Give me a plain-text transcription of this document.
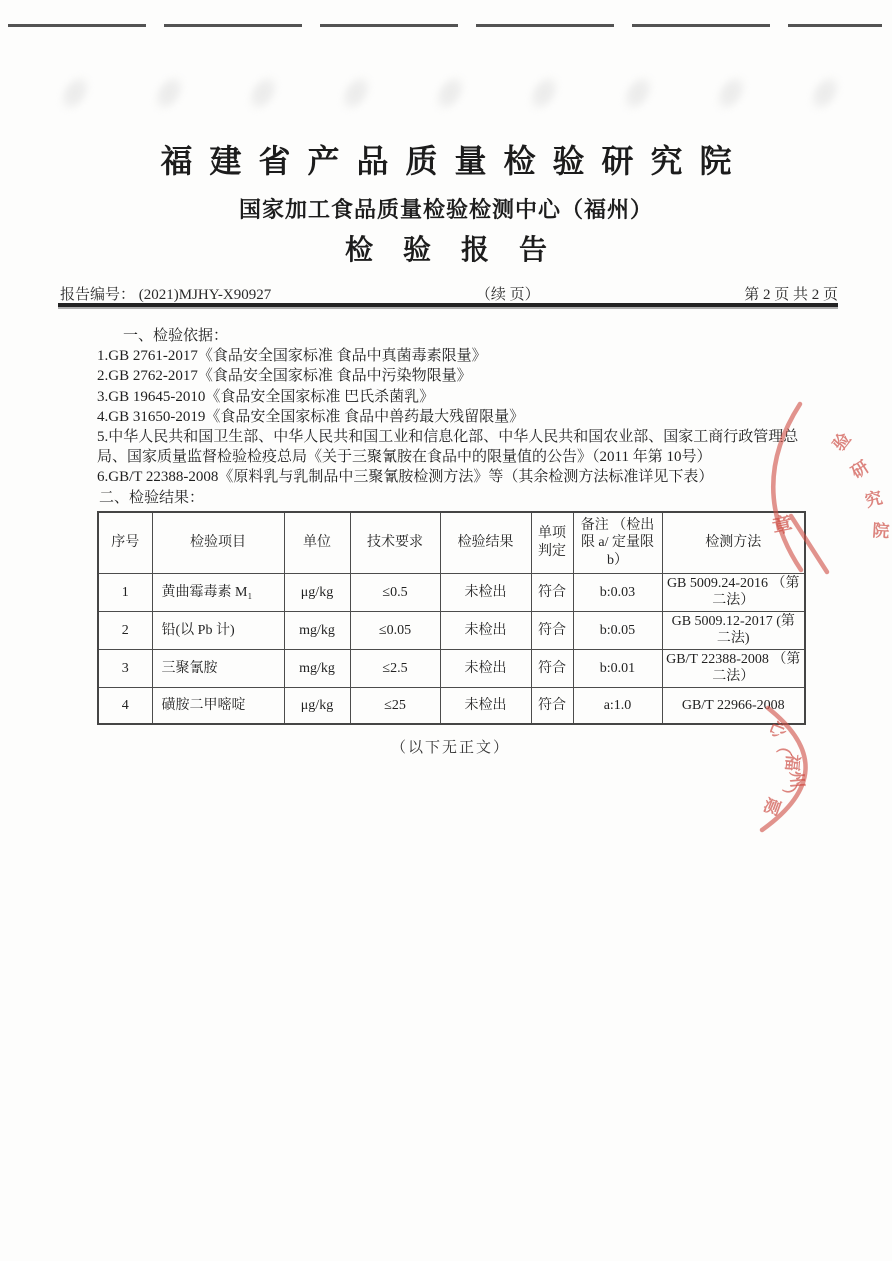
福建省产品质量检验研究院
国家加工食品质量检验检测中心（福州）
检验报告
报告编号： (2021)MJHY-X90927	（续 页）	第 2 页 共 2 页
一、检验依据：
1.GB 2761-2017《食品安全国家标准 食品中真菌毒素限量》
2.GB 2762-2017《食品安全国家标准 食品中污染物限量》
3.GB 19645-2010《食品安全国家标准 巴氏杀菌乳》
4.GB 31650-2019《食品安全国家标准 食品中兽药最大残留限量》
5.中华人民共和国卫生部、中华人民共和国工业和信息化部、中华人民共和国农业部、国家工商行政管理总局、国家质量监督检验检疫总局《关于三聚氰胺在食品中的限量值的公告》（2011 年第 10号）
6.GB/T 22388-2008《原料乳与乳制品中三聚氰胺检测方法》等（其余检测方法标准详见下表）
二、检验结果：
序号	检验项目	单位	技术要求	检验结果	单项判定	备注 （检出限 a/ 定量限 b）	检测方法
1	黄曲霉毒素 M₁	μg/kg	≤0.5	未检出	符合	b:0.03	GB 5009.24-2016 （第二法）
2	铅(以 Pb 计)	mg/kg	≤0.05	未检出	符合	b:0.05	GB 5009.12-2017 (第二法)
3	三聚氰胺	mg/kg	≤2.5	未检出	符合	b:0.01	GB/T 22388-2008 （第二法）
4	磺胺二甲嘧啶	μg/kg	≤25	未检出	符合	a:1.0	GB/T 22966-2008
（以下无正文）
验
研
究
院
章
心
（
福
州
）
测
